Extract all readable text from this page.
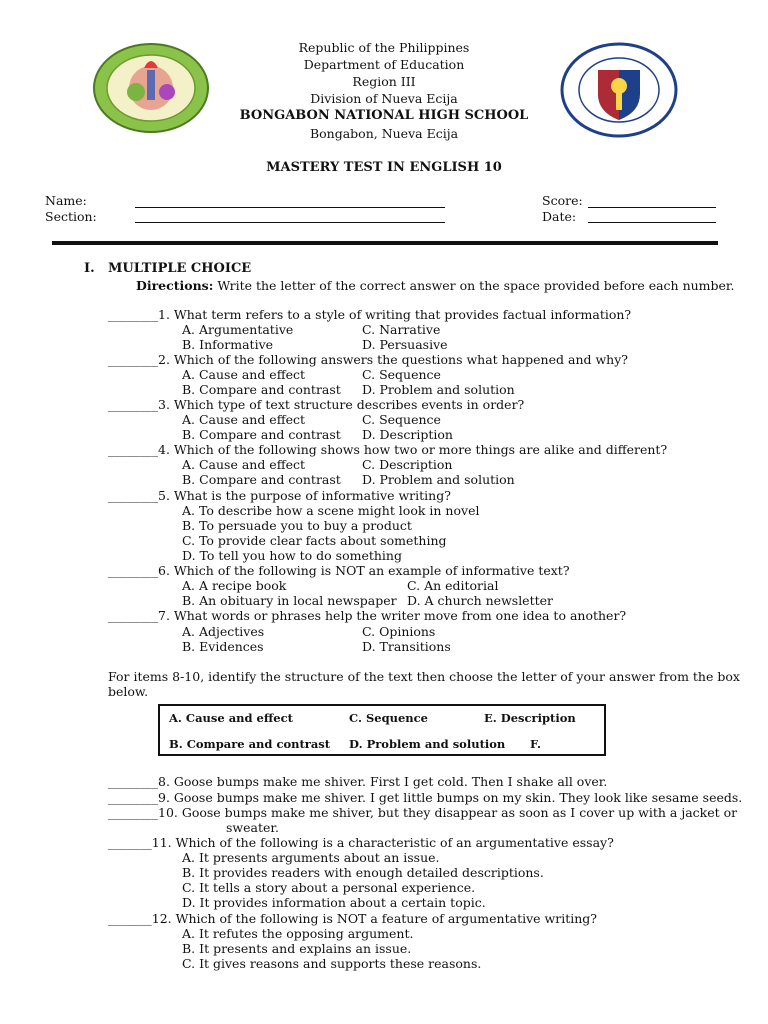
Republic of the Philippines
Department of Education
Region III
Division of Nueva Ecija
BONGABON NATIONAL HIGH SCHOOL
Bongabon, Nueva Ecija
MASTERY TEST IN ENGLISH 10
Name:
Section:
Score:
Date:
I. MULTIPLE CHOICE
Directions: Write the letter of the correct answer on the space provided before each number.
________1. What term refers to a style of writing that provides factual information?
A. Argumentative	C. Narrative
B. Informative	D. Persuasive
________2. Which of the following answers the questions what happened and why?
A. Cause and effect	C. Sequence
B. Compare and contrast D. Problem and solution
________3. Which type of text structure describes events in order?
A. Cause and effect	C. Sequence
B. Compare and contrast D. Description
________4. Which of the following shows how two or more things are alike and different?
A. Cause and effect	C. Description
B. Compare and contrast D. Problem and solution
________5. What is the purpose of informative writing?
A. To describe how a scene might look in novel
B. To persuade you to buy a product
C. To provide clear facts about something
D. To tell you how to do something
________6. Which of the following is NOT an example of informative text?
A. A recipe book	C. An editorial
B. An obituary in local newspaper D. A church newsletter
________7. What words or phrases help the writer move from one idea to another?
A. Adjectives	C. Opinions
B. Evidences	D. Transitions
For items 8-10, identify the structure of the text then choose the letter of your answer from the box
below.
A. Cause and effect	C. Sequence	E. Description
B. Compare and contrast D. Problem and solution F.
________8. Goose bumps make me shiver. First I get cold. Then I shake all over.
________9. Goose bumps make me shiver. I get little bumps on my skin. They look like sesame seeds.
________10. Goose bumps make me shiver, but they disappear as soon as I cover up with a jacket or
sweater.
_______11. Which of the following is a characteristic of an argumentative essay?
A. It presents arguments about an issue.
B. It provides readers with enough detailed descriptions.
C. It tells a story about a personal experience.
D. It provides information about a certain topic.
_______12. Which of the following is NOT a feature of argumentative writing?
A. It refutes the opposing argument.
B. It presents and explains an issue.
C. It gives reasons and supports these reasons.
